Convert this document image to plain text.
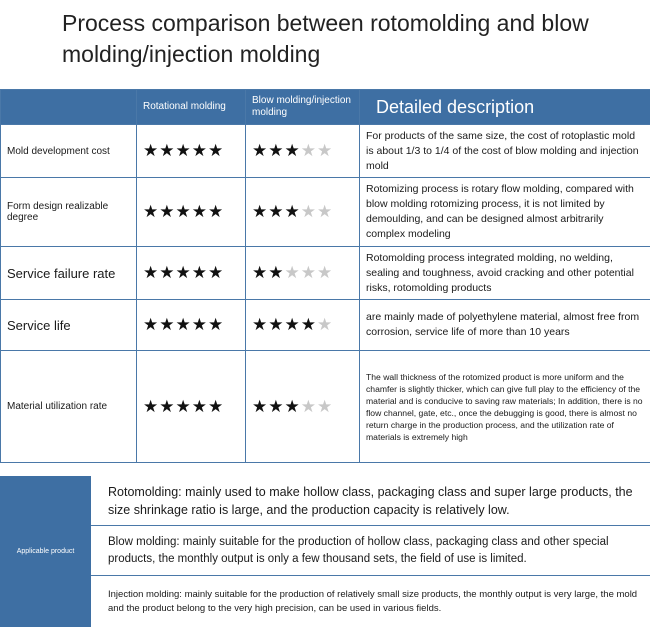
Process comparison between rotomolding and blow molding/injection molding
	Rotational molding	Blow molding/injection molding	Detailed description
Mold development cost	★★★★★	★★★★★	For products of the same size, the cost of rotoplastic mold is about 1/3 to 1/4 of the cost of blow molding and injection mold
Form design realizable degree	★★★★★	★★★★★	Rotomizing process is rotary flow molding, compared with blow molding rotomizing process, it is not limited by demoulding, and can be designed almost arbitrarily complex modeling
Service failure rate	★★★★★	★★★★★	Rotomolding process integrated molding, no welding, sealing and toughness, avoid cracking and other potential risks, rotomolding products
Service life	★★★★★	★★★★★	are mainly made of polyethylene material, almost free from corrosion, service life of more than 10 years
Material utilization rate	★★★★★	★★★★★	The wall thickness of the rotomized product is more uniform and the chamfer is slightly thicker, which can give full play to the efficiency of the material and is conducive to saving raw materials; In addition, there is no flow channel, gate, etc., once the debugging is good, there is almost no return charge in the production process, and the utilization rate of materials is extremely high
Applicable product
Rotomolding: mainly used to make hollow class, packaging class and super large products, the size shrinkage ratio is large, and the production capacity is relatively low.
Blow molding: mainly suitable for the production of hollow class, packaging class and other special products, the monthly output is only a few thousand sets, the field of use is limited.
Injection molding: mainly suitable for the production of relatively small size products, the monthly output is very large, the mold and the product belong to the very high precision, can be used in various fields.
